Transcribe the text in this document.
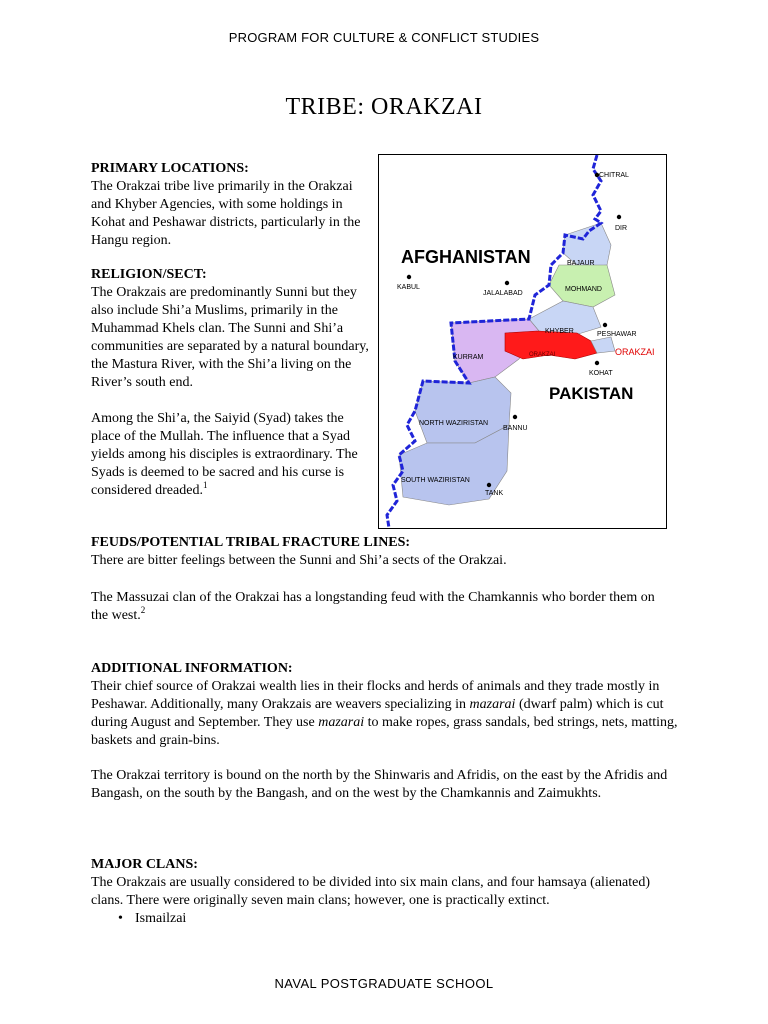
PROGRAM FOR CULTURE & CONFLICT STUDIES
TRIBE: ORAKZAI
PRIMARY LOCATIONS:

The Orakzai tribe live primarily in the Orakzai and Khyber Agencies, with some holdings in Kohat and Peshawar districts, particularly in the Hangu region.

RELIGION/SECT:

The Orakzais are predominantly Sunni but they also include Shi’a Muslims, primarily in the Muhammad Khels clan. The Sunni and Shi’a communities are separated by a natural boundary, the Mastura River, with the Shi’a living on the River’s south end.

Among the Shi’a, the Saiyid (Syad) takes the place of the Mullah. The influence that a Syad yields among his disciples is extraordinary. The Syads is deemed to be sacred and his curse is considered dreaded.$^1$

CHITRAL
DIR
AFGHANISTAN	BAJAUR
KABUL
JALALABAD
MOHMAND
KHYBER	PESHAWAR
KURRAM	ORAKZAI	ORAKZAI
KOHAT
PAKISTAN
NORTH WAZIRISTAN
BANNU
SOUTH WAZIRISTAN
TANK
FEUDS/POTENTIAL TRIBAL FRACTURE LINES:

There are bitter feelings between the Sunni and Shi’a sects of the Orakzai.

The Massuzai clan of the Orakzai has a longstanding feud with the Chamkannis who border them on the west.$^2$

ADDITIONAL INFORMATION:

Their chief source of Orakzai wealth lies in their flocks and herds of animals and they trade mostly in Peshawar. Additionally, many Orakzais are weavers specializing in mazarai (dwarf palm) which is cut during August and September. They use mazarai to make ropes, grass sandals, bed strings, nets, matting, baskets and grain-bins.

The Orakzai territory is bound on the north by the Shinwaris and Afridis, on the east by the Afridis and Bangash, on the south by the Bangash, and on the west by the Chamkannis and Zaimukhts.

MAJOR CLANS:

The Orakzais are usually considered to be divided into six main clans, and four hamsaya (alienated) clans. There were originally seven main clans; however, one is practically extinct.

• Ismailzai
NAVAL POSTGRADUATE SCHOOL
